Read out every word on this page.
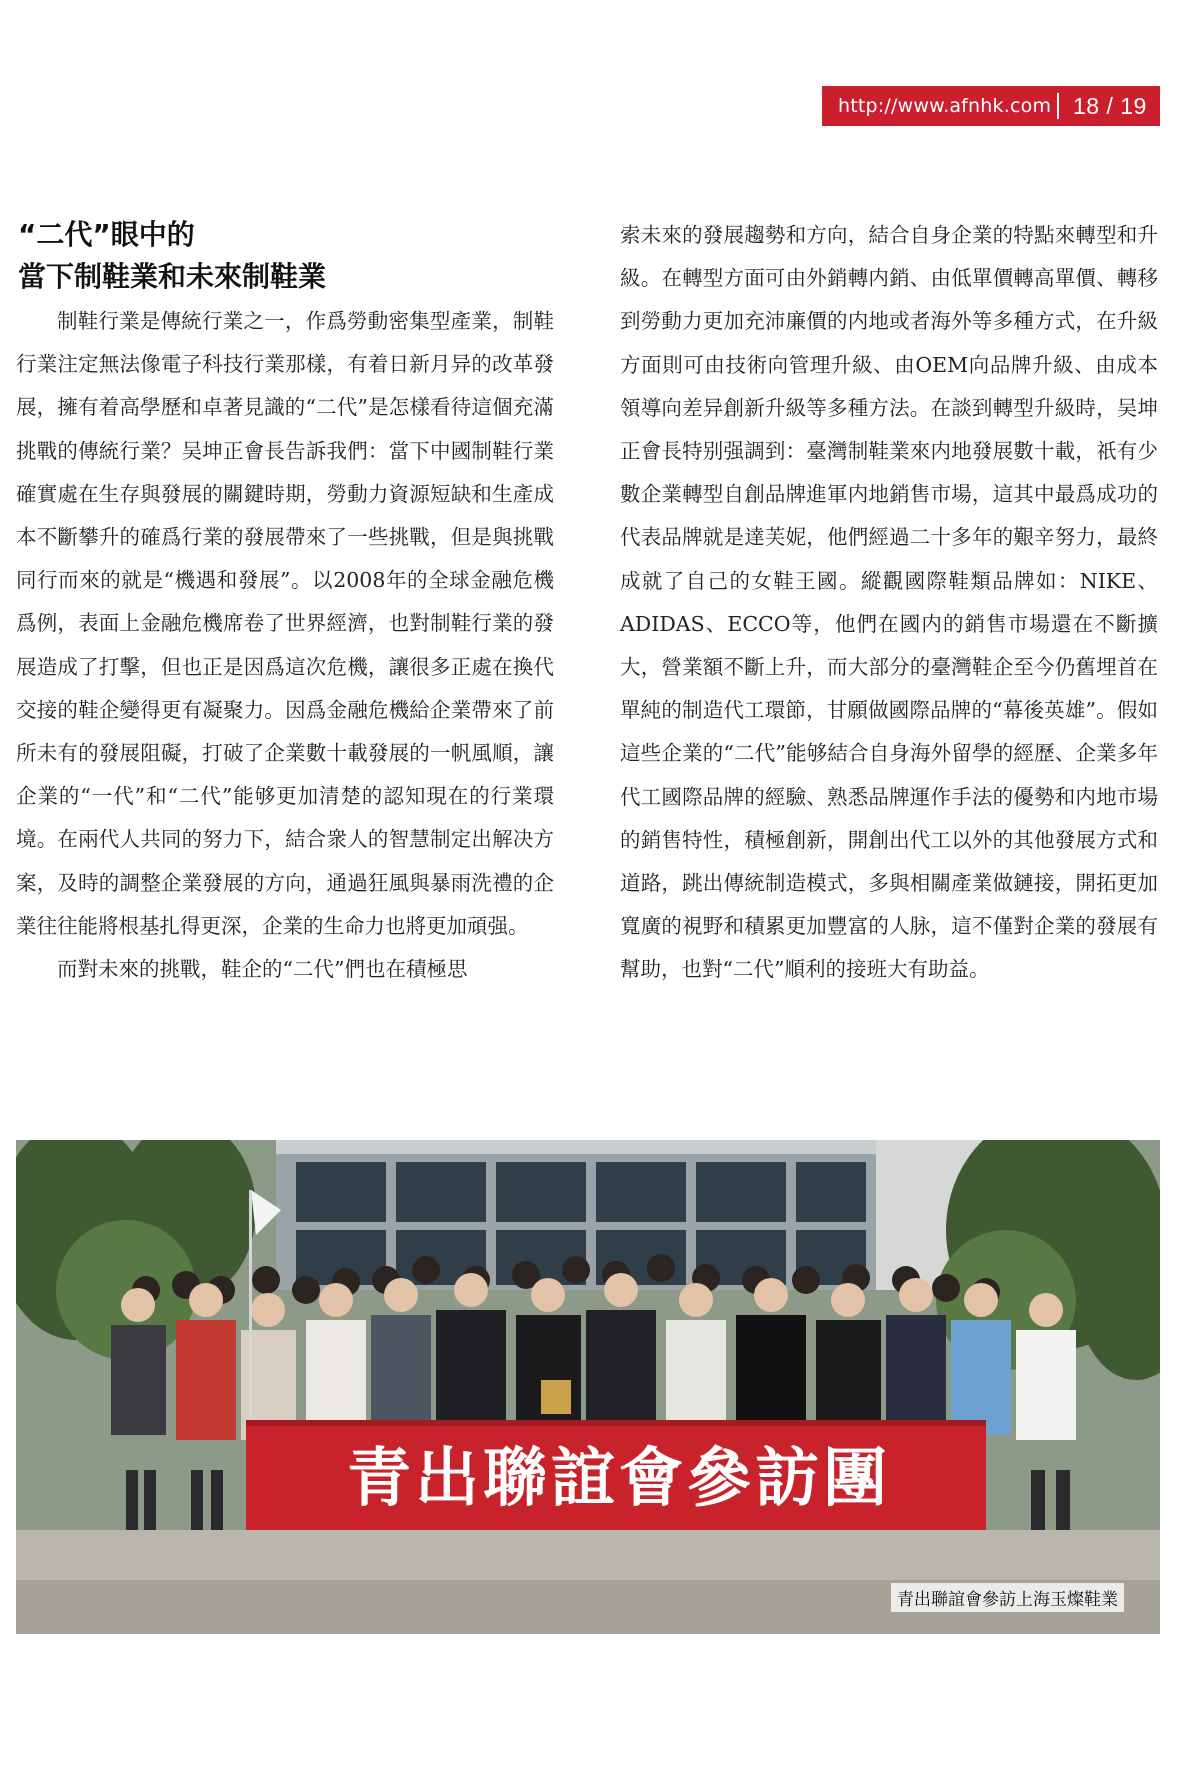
http://www.afnhk.com 18 / 19
“二代”眼中的
當下制鞋業和未來制鞋業

制鞋行業是傳統行業之一，作爲勞動密集型產業，制鞋行業注定無法像電子科技行業那樣，有着日新月异的改革發展，擁有着高學歷和卓著見識的“二代”是怎樣看待這個充滿挑戰的傳統行業？吴坤正會長告訴我們：當下中國制鞋行業確實處在生存與發展的關鍵時期，勞動力資源短缺和生產成本不斷攀升的確爲行業的發展帶來了一些挑戰，但是與挑戰同行而來的就是“機遇和發展”。以2008年的全球金融危機爲例，表面上金融危機席卷了世界經濟，也對制鞋行業的發展造成了打擊，但也正是因爲這次危機，讓很多正處在換代交接的鞋企變得更有凝聚力。因爲金融危機給企業帶來了前所未有的發展阻礙，打破了企業數十載發展的一帆風順，讓企業的“一代”和“二代”能够更加清楚的認知現在的行業環境。在兩代人共同的努力下，結合衆人的智慧制定出解决方案，及時的調整企業發展的方向，通過狂風與暴雨洗禮的企業往往能將根基扎得更深，企業的生命力也將更加頑强。

而對未來的挑戰，鞋企的“二代”們也在積極思

索未來的發展趨勢和方向，結合自身企業的特點來轉型和升級。在轉型方面可由外銷轉内銷、由低單價轉高單價、轉移到勞動力更加充沛廉價的内地或者海外等多種方式，在升級方面則可由技術向管理升級、由OEM向品牌升級、由成本領導向差异創新升級等多種方法。在談到轉型升級時，吴坤正會長特别强調到：臺灣制鞋業來内地發展數十載，祇有少數企業轉型自創品牌進軍内地銷售市場，這其中最爲成功的代表品牌就是達芙妮，他們經過二十多年的艱辛努力，最終成就了自己的女鞋王國。縱觀國際鞋類品牌如：NIKE、ADIDAS、ECCO等，他們在國内的銷售市場還在不斷擴大，營業額不斷上升，而大部分的臺灣鞋企至今仍舊埋首在單純的制造代工環節，甘願做國際品牌的“幕後英雄”。假如這些企業的“二代”能够結合自身海外留學的經歷、企業多年代工國際品牌的經驗、熟悉品牌運作手法的優勢和内地市場的銷售特性，積極創新，開創出代工以外的其他發展方式和道路，跳出傳統制造模式，多與相關產業做鏈接，開拓更加寬廣的視野和積累更加豐富的人脉，這不僅對企業的發展有幫助，也對“二代”順利的接班大有助益。

青出聯誼會參訪團
青出聯誼會參訪上海玉燦鞋業
